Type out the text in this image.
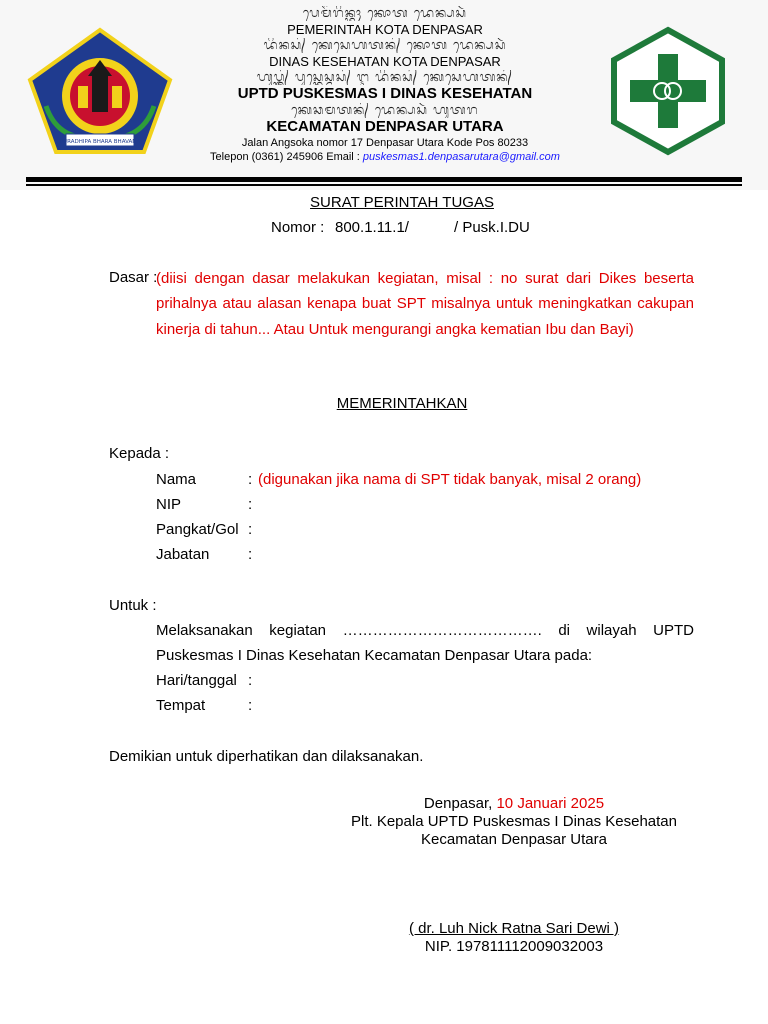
PURADHIPA BHARA BHAVANA
ᬧᬾᬫᭂᬭᬶᬦ᭄ᬢᬄ ᬓᭀᬢ ᬤᬾᬦ᭄ᬧᬲᬃ
PEMERINTAH KOTA DENPASAR
ᬤᬶᬦᬲ᭄ ᬓᬾᬲᬾᬳᬢᬦ᭄ ᬓᭀᬢ ᬤᬾᬦ᭄ᬧᬲᬃ
DINAS KESEHATAN KOTA DENPASAR
ᬳᬸᬧ᭄ᬢ᭄ᬤ᭄ ᬧᬸᬲ᭄ᬓᬾᬲ᭄ᬫᬲ᭄ ᬇ ᬤᬶᬦᬲ᭄ ᬓᬾᬲᬾᬳᬢᬦ᭄
UPTD PUSKESMAS I DINAS KESEHATAN
ᬓᬾᬘᬫᬢᬦ᭄ ᬤᬾᬦ᭄ᬧᬲᬃ ᬳᬸᬢᬭ
KECAMATAN DENPASAR UTARA
Jalan Angsoka nomor 17 Denpasar Utara Kode Pos 80233
Telepon (0361) 245906 Email : puskesmas1.denpasarutara@gmail.com
SURAT PERINTAH TUGAS
Nomor : 800.1.11.1/	/ Pusk.I.DU
Dasar :
(diisi dengan dasar melakukan kegiatan, misal : no surat dari Dikes beserta prihalnya atau alasan kenapa buat SPT misalnya untuk meningkatkan cakupan kinerja di tahun... Atau Untuk mengurangi angka kematian Ibu dan Bayi)
MEMERINTAHKAN
Kepada :
Nama	: (digunakan jika nama di SPT tidak banyak, misal 2 orang)
NIP	:
Pangkat/Gol :
Jabatan	:
Untuk :
Melaksanakan kegiatan …………………………………. di wilayah UPTD
Puskesmas I Dinas Kesehatan Kecamatan Denpasar Utara pada:
Hari/tanggal :
Tempat	:
Demikian untuk diperhatikan dan dilaksanakan.
Denpasar, 10 Januari 2025
Plt. Kepala UPTD Puskesmas I Dinas Kesehatan
Kecamatan Denpasar Utara
( dr. Luh Nick Ratna Sari Dewi )
NIP. 197811112009032003
